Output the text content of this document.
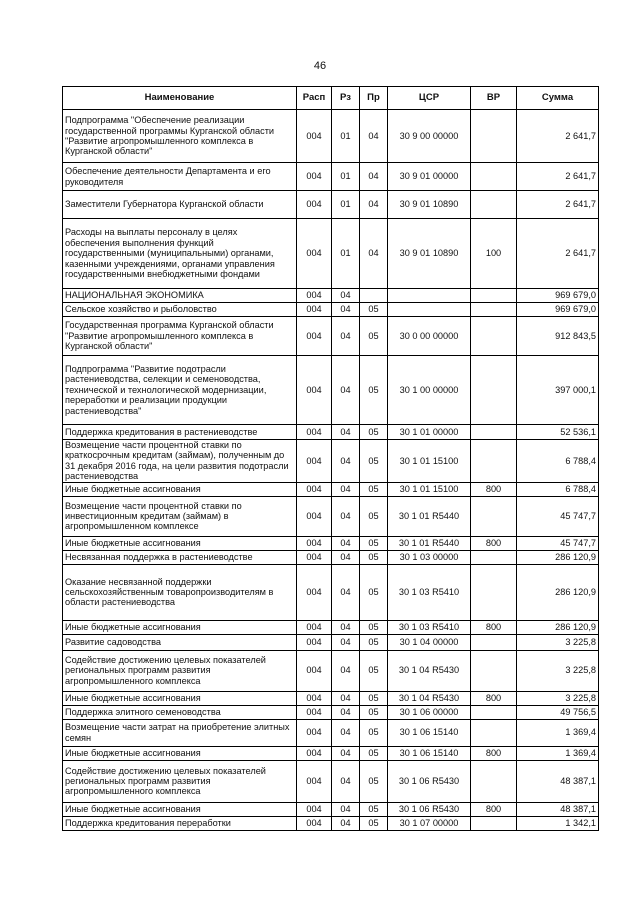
46
Наименование	Расп	Рз	Пр	ЦСР	ВР	Сумма
Подпрограмма "Обеспечение реализации государственной программы Курганской области "Развитие агропромышленного комплекса в Курганской области"	004	01	04	30 9 00 00000		2 641,7
Обеспечение деятельности Департамента и его руководителя	004	01	04	30 9 01 00000		2 641,7
Заместители Губернатора Курганской области	004	01	04	30 9 01 10890		2 641,7
Расходы на выплаты персоналу в целях обеспечения выполнения функций государственными (муниципальными) органами, казенными учреждениями, органами управления государственными внебюджетными фондами	004	01	04	30 9 01 10890	100	2 641,7
НАЦИОНАЛЬНАЯ ЭКОНОМИКА	004	04				969 679,0
Сельское хозяйство и рыболовство	004	04	05			969 679,0
Государственная программа Курганской области "Развитие агропромышленного комплекса в Курганской области"	004	04	05	30 0 00 00000		912 843,5
Подпрограмма "Развитие подотрасли растениеводства, селекции и семеноводства, технической и технологической модернизации, переработки и реализации продукции растениеводства"	004	04	05	30 1 00 00000		397 000,1
Поддержка кредитования в растениеводстве	004	04	05	30 1 01 00000		52 536,1
Возмещение части процентной ставки по краткосрочным кредитам (займам), полученным до 31 декабря 2016 года, на цели развития подотрасли растениеводства	004	04	05	30 1 01 15100		6 788,4
Иные бюджетные ассигнования	004	04	05	30 1 01 15100	800	6 788,4
Возмещение части процентной ставки по инвестиционным кредитам (займам) в агропромышленном комплексе	004	04	05	30 1 01 R5440		45 747,7
Иные бюджетные ассигнования	004	04	05	30 1 01 R5440	800	45 747,7
Несвязанная поддержка в растениеводстве	004	04	05	30 1 03 00000		286 120,9
Оказание несвязанной поддержки сельскохозяйственным товаропроизводителям в области растениеводства	004	04	05	30 1 03 R5410		286 120,9
Иные бюджетные ассигнования	004	04	05	30 1 03 R5410	800	286 120,9
Развитие садоводства	004	04	05	30 1 04 00000		3 225,8
Содействие достижению целевых показателей региональных программ развития агропромышленного комплекса	004	04	05	30 1 04 R5430		3 225,8
Иные бюджетные ассигнования	004	04	05	30 1 04 R5430	800	3 225,8
Поддержка элитного семеноводства	004	04	05	30 1 06 00000		49 756,5
Возмещение части затрат на приобретение элитных семян	004	04	05	30 1 06 15140		1 369,4
Иные бюджетные ассигнования	004	04	05	30 1 06 15140	800	1 369,4
Содействие достижению целевых показателей региональных программ развития агропромышленного комплекса	004	04	05	30 1 06 R5430		48 387,1
Иные бюджетные ассигнования	004	04	05	30 1 06 R5430	800	48 387,1
Поддержка кредитования переработки	004	04	05	30 1 07 00000		1 342,1
